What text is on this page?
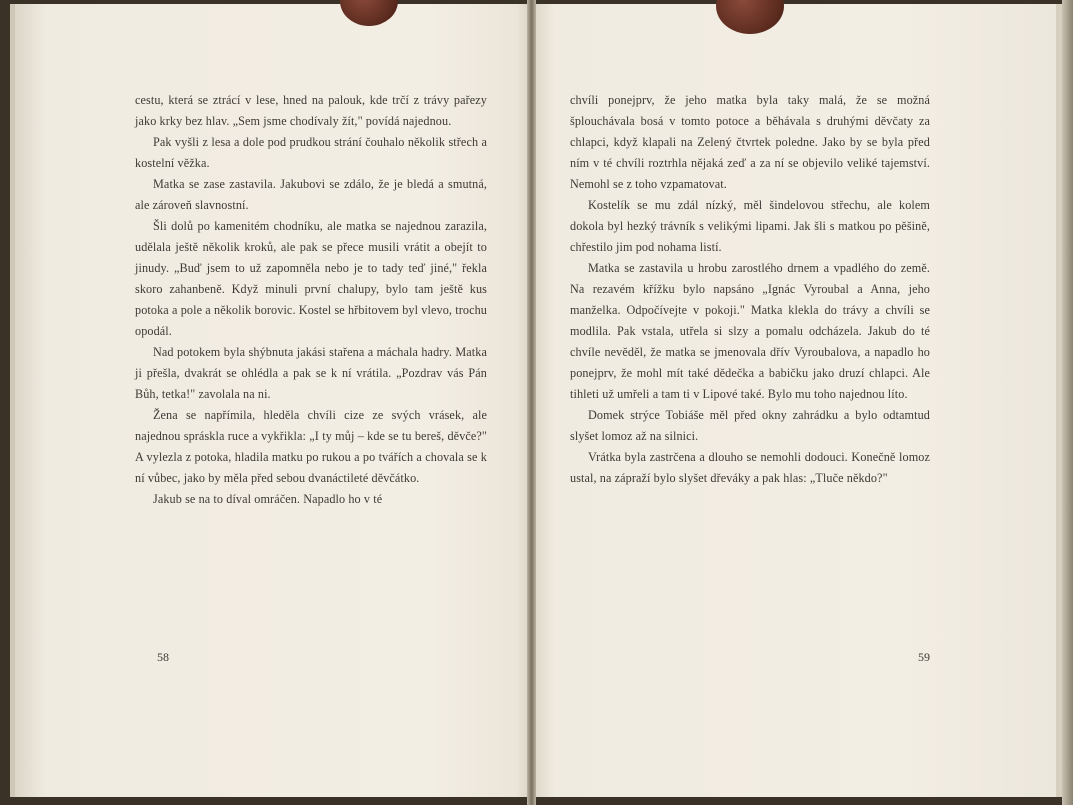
cestu, která se ztrácí v lese, hned na palouk, kde trčí z trávy pařezy jako krky bez hlav. „Sem jsme chodívaly žít," povídá najednou.

Pak vyšli z lesa a dole pod prudkou strání čouhalo několik střech a kostelní věžka.

Matka se zase zastavila. Jakubovi se zdálo, že je bledá a smutná, ale zároveň slavnostní.

Šli dolů po kamenitém chodníku, ale matka se najednou zarazila, udělala ještě několik kroků, ale pak se přece musili vrátit a obejít to jinudy. „Buď jsem to už zapomněla nebo je to tady teď jiné," řekla skoro zahanbeně. Když minuli první chalupy, bylo tam ještě kus potoka a pole a několik borovic. Kostel se hřbitovem byl vlevo, trochu opodál.

Nad potokem byla shýbnuta jakási stařena a máchala hadry. Matka ji přešla, dvakrát se ohlédla a pak se k ní vrátila. „Pozdrav vás Pán Bůh, tetka!" zavolala na ni.

Žena se napřímila, hleděla chvíli cize ze svých vrásek, ale najednou spráskla ruce a vykřikla: „I ty můj – kde se tu bereš, děvče?" A vylezla z potoka, hladila matku po rukou a po tvářích a chovala se k ní vůbec, jako by měla před sebou dvanáctileté děvčátko.

Jakub se na to díval omráčen. Napadlo ho v té

58

chvíli ponejprv, že jeho matka byla taky malá, že se možná šplouchávala bosá v tomto potoce a běhávala s druhými děvčaty za chlapci, když klapali na Zelený čtvrtek poledne. Jako by se byla před ním v té chvíli roztrhla nějaká zeď a za ní se objevilo veliké tajemství. Nemohl se z toho vzpamatovat.

Kostelík se mu zdál nízký, měl šindelovou střechu, ale kolem dokola byl hezký trávník s velikými lipami. Jak šli s matkou po pěšině, chřestilo jim pod nohama listí.

Matka se zastavila u hrobu zarostlého drnem a vpadlého do země. Na rezavém křížku bylo napsáno „Ignác Vyroubal a Anna, jeho manželka. Odpočívejte v pokoji." Matka klekla do trávy a chvíli se modlila. Pak vstala, utřela si slzy a pomalu odcházela. Jakub do té chvíle nevěděl, že matka se jmenovala dřív Vyroubalova, a napadlo ho ponejprv, že mohl mít také dědečka a babičku jako druzí chlapci. Ale tihleti už umřeli a tam ti v Lipové také. Bylo mu toho najednou líto.

Domek strýce Tobiáše měl před okny zahrádku a bylo odtamtud slyšet lomoz až na silnici.

Vrátka byla zastrčena a dlouho se nemohli dodouci. Konečně lomoz ustal, na zápraží bylo slyšet dřeváky a pak hlas: „Tluče někdo?"

59
